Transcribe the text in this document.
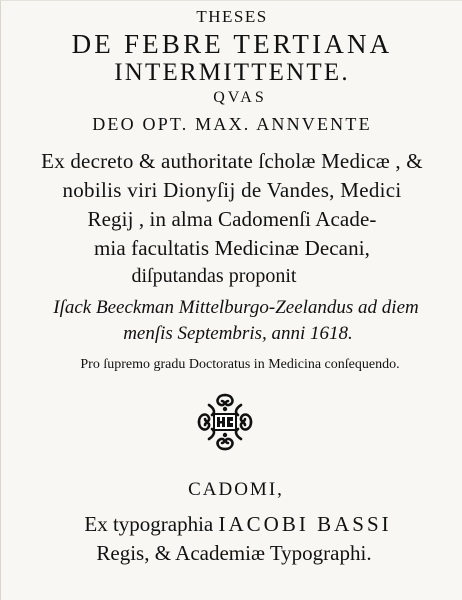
THESES
DE FEBRE TERTIANA
INTERMITTENTE.
QVAS
DEO OPT. MAX. ANNVENTE
Ex decreto & authoritate ſcholæ Medicæ , &
nobilis viri Dionyſij de Vandes, Medici
Regij , in alma Cadomenſi Acade-
mia facultatis Medicinæ Decani,
diſputandas proponit
Iſack Beeckman Mittelburgo-Zeelandus ad diem
menſis Septembris, anni 1618.
Pro ſupremo gradu Doctoratus in Medicina conſequendo.
CADOMI,
Ex typographia IACOBI BASSI
Regis, & Academiæ Typographi.
